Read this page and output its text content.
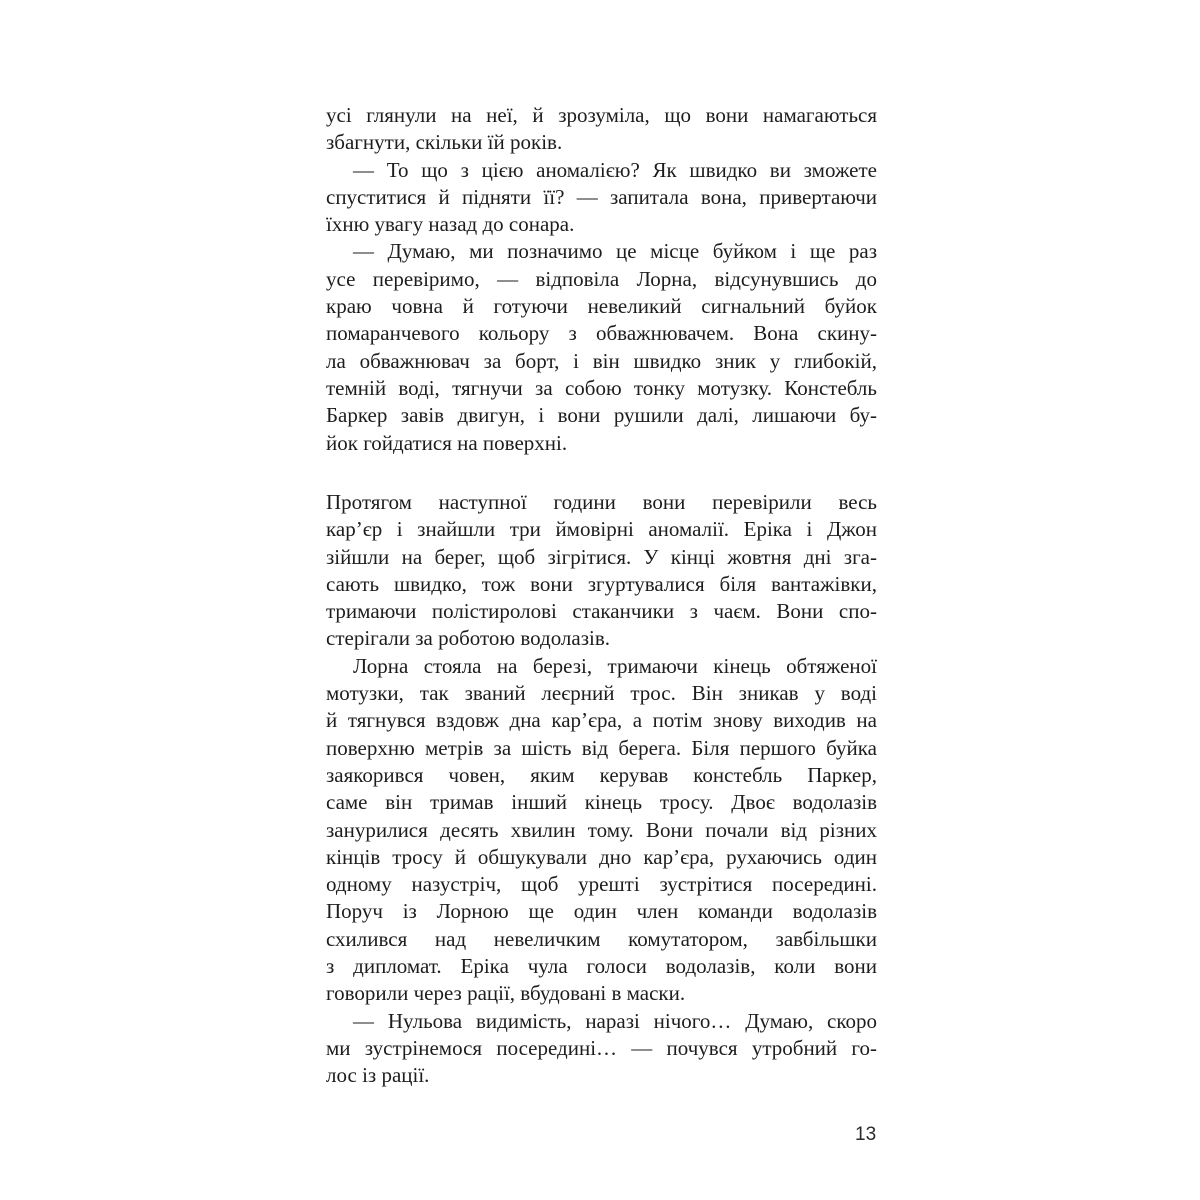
усі глянули на неї, й зрозуміла, що вони намагаються
збагнути, скільки їй років.
— То що з цією аномалією? Як швидко ви зможете
спуститися й підняти її? — запитала вона, привертаючи
їхню увагу назад до сонара.
— Думаю, ми позначимо це місце буйком і ще раз
усе перевіримо, — відповіла Лорна, відсунувшись до
краю човна й готуючи невеликий сигнальний буйок
помаранчевого кольору з обважнювачем. Вона скину-
ла обважнювач за борт, і він швидко зник у глибокій,
темній воді, тягнучи за собою тонку мотузку. Констебль
Баркер завів двигун, і вони рушили далі, лишаючи бу-
йок гойдатися на поверхні.
Протягом наступної години вони перевірили весь
кар’єр і знайшли три ймовірні аномалії. Еріка і Джон
зійшли на берег, щоб зігрітися. У кінці жовтня дні зга-
сають швидко, тож вони згуртувалися біля вантажівки,
тримаючи полістиролові стаканчики з чаєм. Вони спо-
стерігали за роботою водолазів.
Лорна стояла на березі, тримаючи кінець обтяженої
мотузки, так званий леєрний трос. Він зникав у воді
й тягнувся вздовж дна кар’єра, а потім знову виходив на
поверхню метрів за шість від берега. Біля першого буйка
заякорився човен, яким керував констебль Паркер,
саме він тримав інший кінець тросу. Двоє водолазів
занурилися десять хвилин тому. Вони почали від різних
кінців тросу й обшукували дно кар’єра, рухаючись один
одному назустріч, щоб урешті зустрітися посередині.
Поруч із Лорною ще один член команди водолазів
схилився над невеличким комутатором, завбільшки
з дипломат. Еріка чула голоси водолазів, коли вони
говорили через рації, вбудовані в маски.
— Нульова видимість, наразі нічого… Думаю, скоро
ми зустрінемося посередині… — почувся утробний го-
лос із рації.
13
